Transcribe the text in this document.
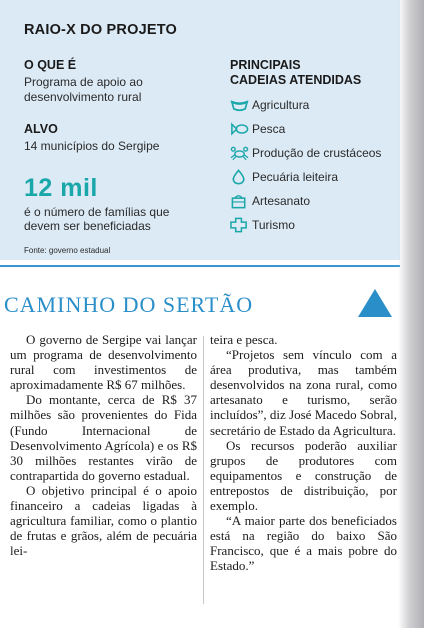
RAIO-X DO PROJETO
O QUE É
Programa de apoio ao
desenvolvimento rural
ALVO
14 municípios do Sergipe
12 mil
é o número de famílias que
devem ser beneficiadas
Fonte: governo estadual
PRINCIPAIS
CADEIAS ATENDIDAS
Agricultura
Pesca
Produção de crustáceos
Pecuária leiteira
Artesanato
Turismo
CAMINHO DO SERTÃO

O governo de Sergipe vai lançar um programa de desenvolvimento rural com investimentos de aproximadamente R$ 67 milhões.

Do montante, cerca de R$ 37 milhões são provenientes do Fida (Fundo Internacional de Desenvolvimento Agrícola) e os R$ 30 milhões restantes virão de contrapartida do governo estadual.

O objetivo principal é o apoio financeiro a cadeias ligadas à agricultura familiar, como o plantio de frutas e grãos, além de pecuária lei-

teira e pesca.

“Projetos sem vínculo com a área produtiva, mas também desenvolvidos na zona rural, como artesanato e turismo, serão incluídos”, diz José Macedo Sobral, secretário de Estado da Agricultura.

Os recursos poderão auxiliar grupos de produtores com equipamentos e construção de entrepostos de distribuição, por exemplo.

“A maior parte dos beneficiados está na região do baixo São Francisco, que é a mais pobre do Estado.”
